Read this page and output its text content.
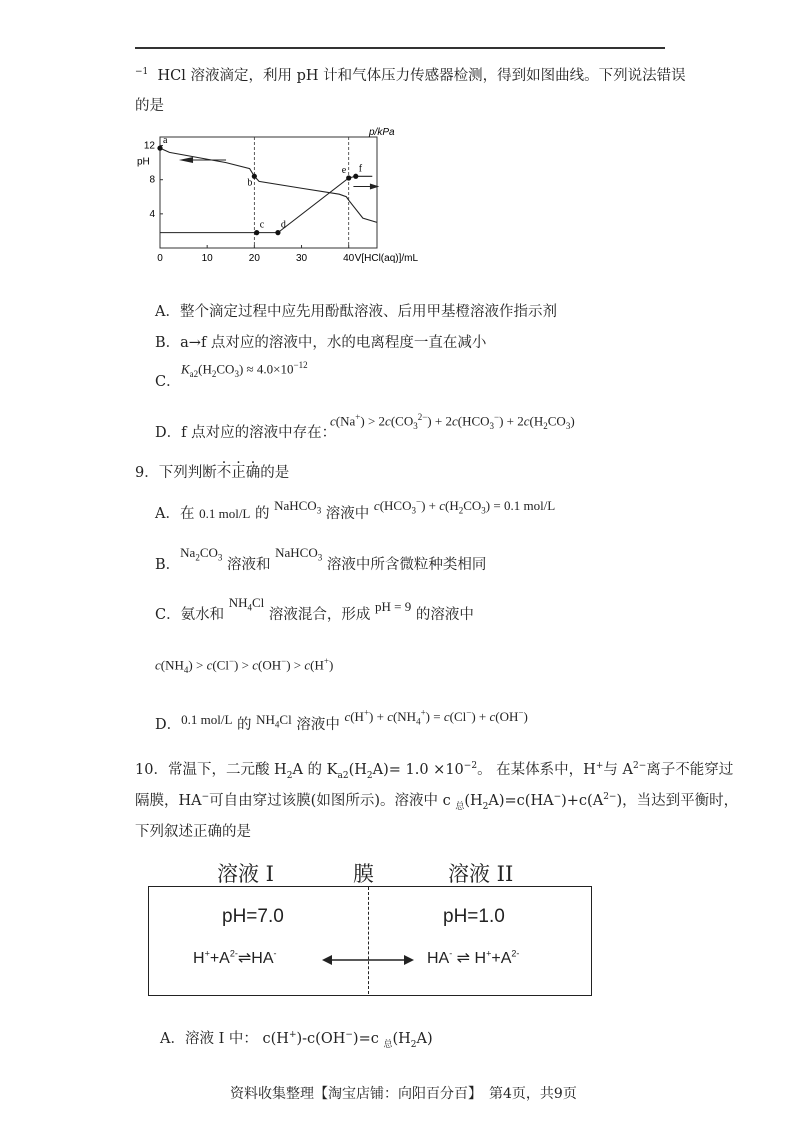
$^{-1}$  HCl 溶液滴定，利用 pH 计和气体压力传感器检测，得到如图曲线。下列说法错误
的是
0	10	20	30	40
4
8
12
pH
p/kPa
V[HCl(aq)]/mL
a
b
c d
e f
A．整个滴定过程中应先用酚酞溶液、后用甲基橙溶液作指示剂
B．a→f 点对应的溶液中，水的电离程度一直在减小
C．
$K_{a2}(H_2CO_3) \approx 4.0\times 10^{-12}$
D．f 点对应的溶液中存在：
$c(Na^+) > 2c(CO_3^{2-}) + 2c(HCO_3^-) + 2c(H_2CO_3)$
9．下列判断不正确的是
A．在 0.1 mol/L 的 NaHCO$_3$ 溶液中 $c(HCO_3^-) + c(H_2CO_3) = 0.1$ mol/L
B．$Na_2CO_3$ 溶液和 NaHCO$_3$ 溶液中所含微粒种类相同
C．氨水和 $NH_4Cl$ 溶液混合，形成 pH = 9 的溶液中
$c(NH_4) > c(Cl^-) > c(OH^-) > c(H^+)$
D．0.1 mol/L 的 $NH_4Cl$ 溶液中 $c(H^+) + c(NH_4^+) = c(Cl^-) + c(OH^-)$
10．常温下，二元酸 $H_2A$ 的 $K_{a2}(H_2A)= 1.0 \times 10^{-2}$。 在某体系中，H+与 $A^{2-}$离子不能穿过
隔膜，HA−可自由穿过该膜(如图所示)。溶液中 c $_总(H_2A)=c(HA^-)+c(A^{2-})$，当达到平衡时，
下列叙述正确的是
溶液 I	膜	溶液 II
pH=7.0	pH=1.0
$H^++A^{2-}\rightleftharpoons HA^-$	HA- ⇌ $H^++A^{2-}$
A．溶液 I 中： c(H+)-c(OH−)=c $_总(H_2A)$
资料收集整理【淘宝店铺：向阳百分百】　第4页，共9页
